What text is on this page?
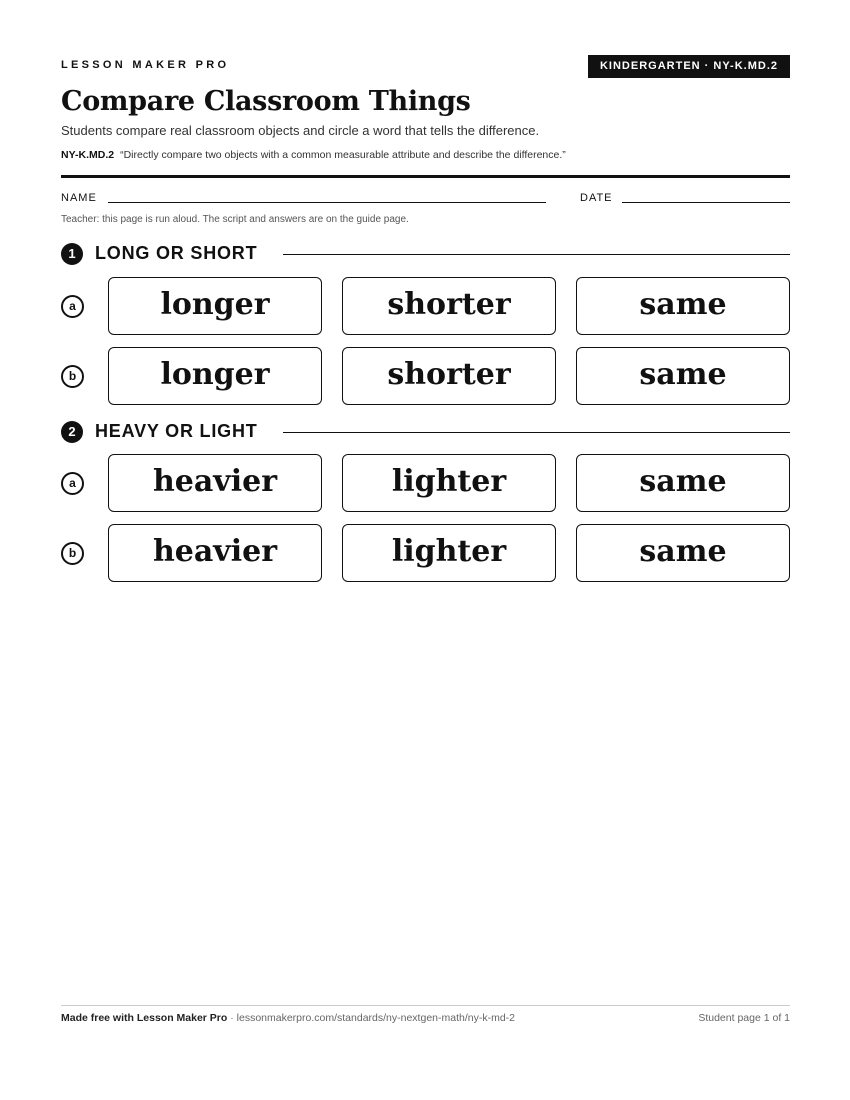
LESSON MAKER PRO	KINDERGARTEN · NY-K.MD.2
Compare Classroom Things
Students compare real classroom objects and circle a word that tells the difference.
NY-K.MD.2 “Directly compare two objects with a common measurable attribute and describe the difference.”
NAME	DATE
Teacher: this page is run aloud. The script and answers are on the guide page.
1	LONG OR SHORT
a	longer	shorter	same
b	longer	shorter	same
2	HEAVY OR LIGHT
a	heavier	lighter	same
b	heavier	lighter	same
Made free with Lesson Maker Pro · lessonmakerpro.com/standards/ny-nextgen-math/ny-k-md-2	Student page 1 of 1
